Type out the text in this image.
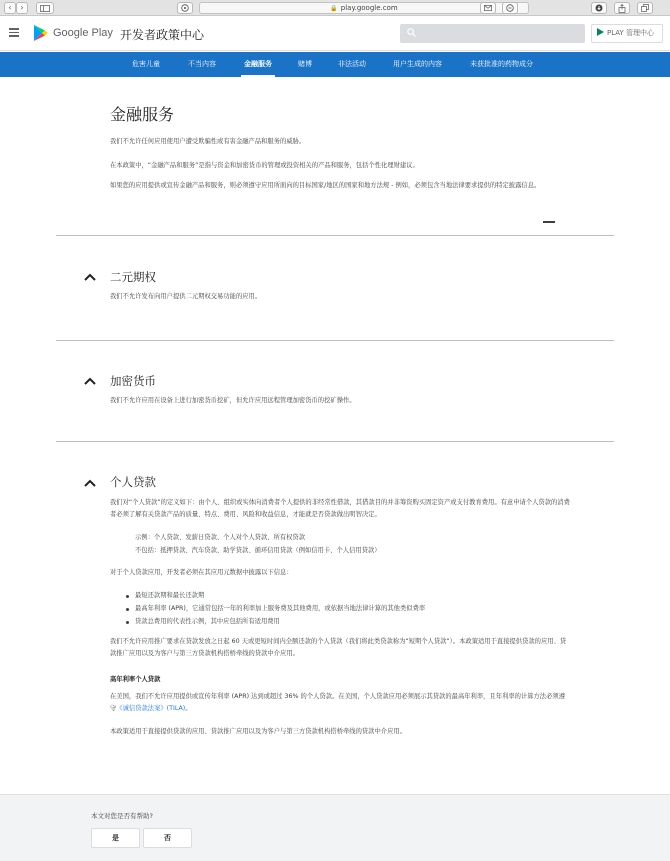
‹	›	🔒 play.google.com
Google Play 开发者政策中心	PLAY 管理中心
危害儿童	不当内容	金融服务	赌博	非法活动	用户生成的内容	未获批准的药物成分
金融服务

我们不允许任何应用使用户遭受欺骗性或有害金融产品和服务的威胁。

在本政策中，“金融产品和服务”是指与资金和加密货币的管理或投资相关的产品和服务，包括个性化理财建议。

如果您的应用提供或宣传金融产品和服务，则必须遵守应用所面向的目标国家/地区的国家和地方法规 - 例如，必须包含当地法律要求提供的特定披露信息。

二元期权

我们不允许发布向用户提供二元期权交易功能的应用。

加密货币

我们不允许应用在设备上进行加密货币挖矿，但允许应用远程管理加密货币的挖矿操作。

个人贷款

我们对“个人贷款”的定义如下：由个人、组织或实体向消费者个人提供的非经常性借款，其借款目的并非筹资购买固定资产或支付教育费用。有意申请个人贷款的消费者必须了解有关贷款产品的质量、特点、费用、风险和收益信息，才能就是否贷款做出明智决定。

示例：个人贷款、发薪日贷款、个人对个人贷款、所有权贷款
不包括：抵押贷款、汽车贷款、助学贷款、循环信用贷款（例如信用卡、个人信用贷款）

对于个人贷款应用，开发者必须在其应用元数据中披露以下信息：

最短还款期和最长还款期
最高年利率 (APR)，它通常包括一年的利率加上服务费及其他费用，或依据当地法律计算的其他类似费率
贷款总费用的代表性示例，其中应包括所有适用费用

我们不允许应用推广要求在贷款发放之日起 60 天或更短时间内全额还款的个人贷款（我们将此类贷款称为“短期个人贷款”）。本政策适用于直接提供贷款的应用、贷款推广应用以及为客户与第三方贷款机构搭桥牵线的贷款中介应用。

高年利率个人贷款

在美国，我们不允许应用提供或宣传年利率 (APR) 达到或超过 36% 的个人贷款。在美国，个人贷款应用必须展示其贷款的最高年利率，且年利率的计算方法必须遵守《诚信贷款法案》(TILA)。

本政策适用于直接提供贷款的应用、贷款推广应用以及为客户与第三方贷款机构搭桥牵线的贷款中介应用。

本文对您是否有帮助?
是	否
